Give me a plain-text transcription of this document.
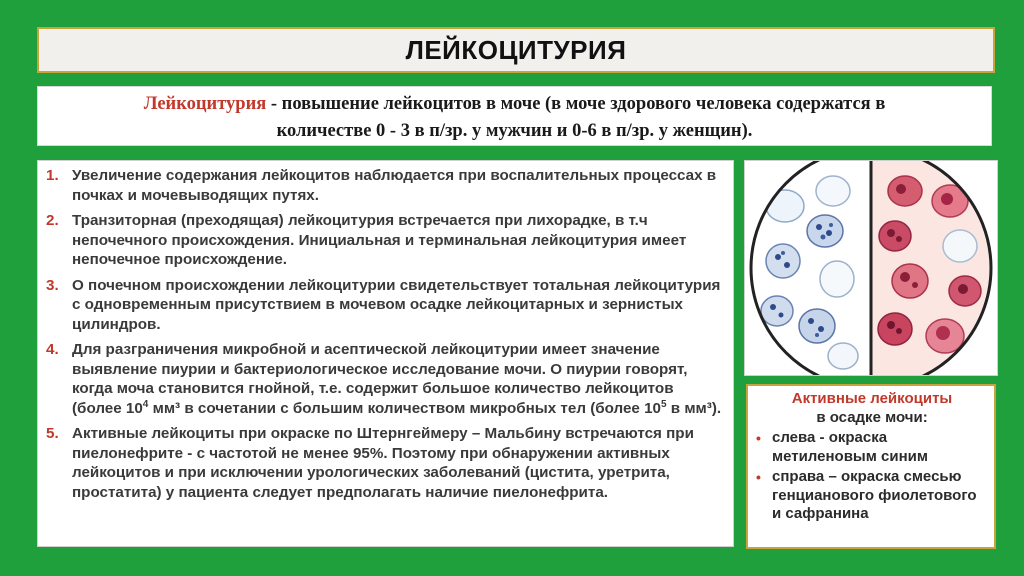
ЛЕЙКОЦИТУРИЯ
Лейкоцитурия - повышение лейкоцитов в моче (в моче здорового человека содержатся в
количестве 0 - 3 в п/зр. у мужчин и 0-6 в п/зр. у женщин).
1. Увеличение содержания лейкоцитов наблюдается при воспалительных процессах в почках и мочевыводящих путях.
2. Транзиторная (преходящая) лейкоцитурия встречается при лихорадке, в т.ч непочечного происхождения. Инициальная и терминальная лейкоцитурия имеет непочечное происхождение.
3. О почечном происхождении лейкоцитурии свидетельствует тотальная лейкоцитурия с одновременным присутствием в мочевом осадке лейкоцитарных и зернистых цилиндров.
4. Для разграничения микробной и асептической лейкоцитурии имеет значение выявление пиурии и бактериологическое исследование мочи. О пиурии говорят, когда моча становится гнойной, т.е. содержит большое количество лейкоцитов (более $10^4$ мм³ в сочетании с большим количеством микробных тел (более $10^5$ в мм³).
5. Активные лейкоциты при окраске по Штернгеймеру – Мальбину встречаются при пиелонефрите - с частотой не менее 95%. Поэтому при обнаружении активных лейкоцитов и при исключении урологических заболеваний (цистита, уретрита, простатита) у пациента следует предполагать наличие пиелонефрита.
Активные лейкоциты
в осадке мочи:
• слева - окраска метиленовым синим
• справа – окраска смесью генцианового фиолетового и сафранина
